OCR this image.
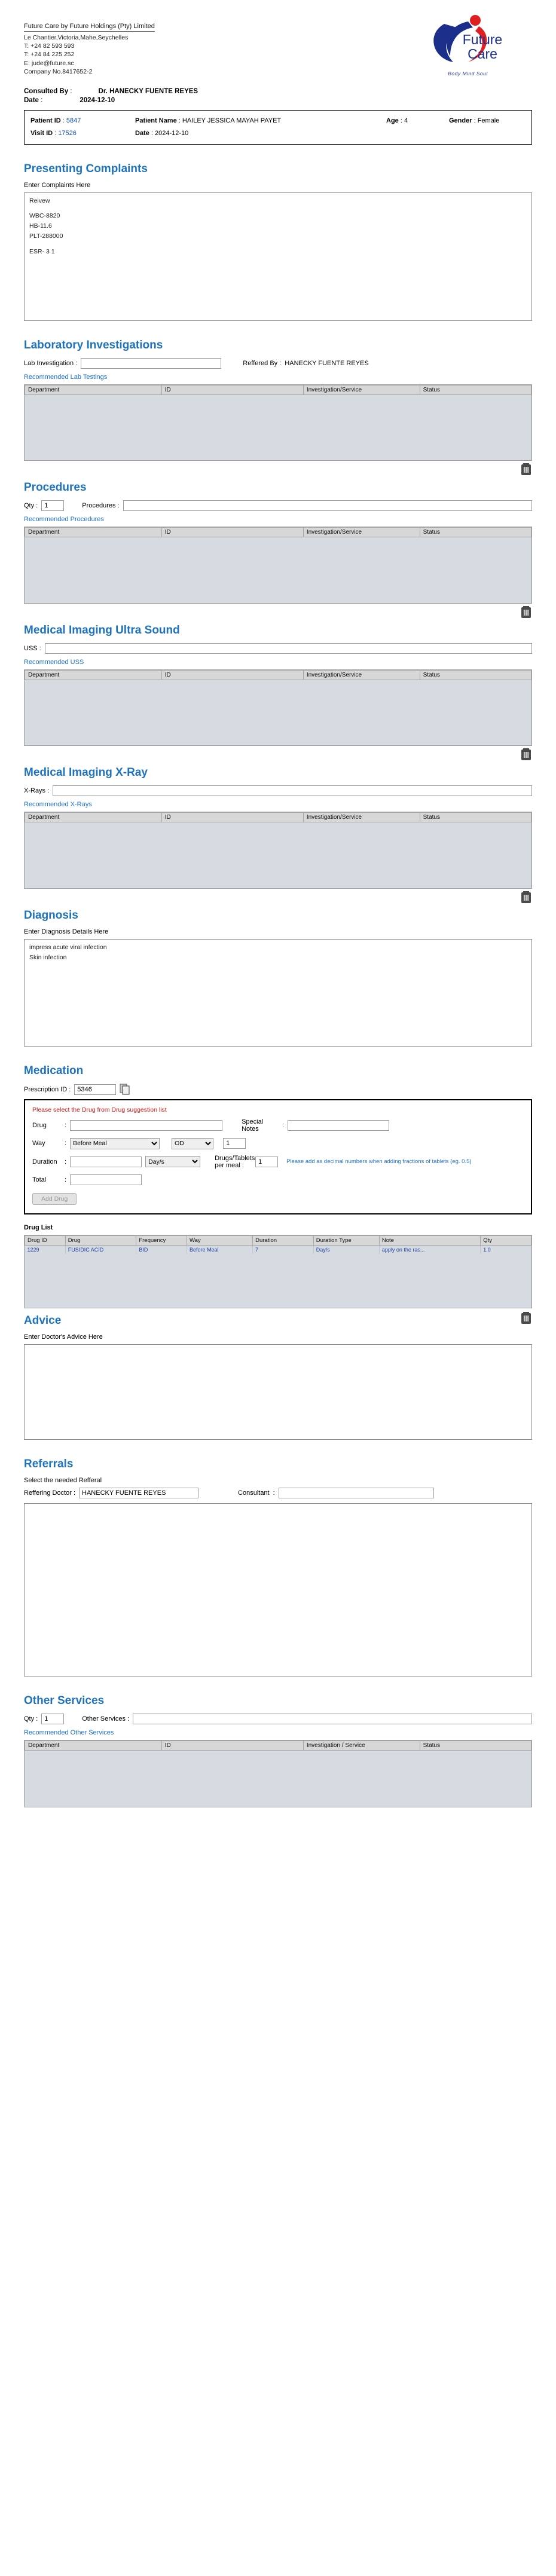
Future Care by Future Holdings (Pty) Limited
Le Chantier,Victoria,Mahe,Seychelles
T: +24 82 593 593
T: +24 84 225 252
E: jude@future.sc
Company No.8417652-2
Future
Care
Body Mind Soul
Consulted By :	Dr. HANECKY FUENTE REYES
Date :	2024-12-10
Patient ID : 5847	Patient Name : HAILEY JESSICA MAYAH PAYET	Age : 4	Gender : Female
Visit ID : 17526	Date : 2024-12-10
Presenting Complaints
Enter Complaints Here
Reivew
WBC-8820
HB-11.6
PLT-288000
ESR- 3 1
Laboratory Investigations
Lab Investigation :	Reffered By : HANECKY FUENTE REYES
Recommended Lab Testings
Department	ID	Investigation/Service	Status

Procedures
Qty :
1	Procedures :
Recommended Procedures
Department	ID	Investigation/Service	Status

Medical Imaging Ultra Sound
USS :
Recommended USS
Department	ID	Investigation/Service	Status

Medical Imaging X-Ray
X-Rays :
Recommended X-Rays
Department	ID	Investigation/Service	Status

Diagnosis
Enter Diagnosis Details Here
impress acute viral infection
Skin infection
Medication
Prescription ID :
5346
Please select the Drug from Drug suggestion list
Drug	:	Special Notes	:
Way	:
Before Meal
OD
1
Duration	:
Day/s	Drugs/Tablets per meal :
1	Please add as decimal numbers when adding fractions of tablets (eg. 0.5)
Total	:
Add Drug
Drug List
Drug ID	Drug	Frequency	Way	Duration	Duration Type	Note	Qty
1229	FUSIDIC ACID	BID	Before Meal	7	Day/s	apply on the ras...	1.0

Advice
Enter Doctor's Advice Here
Referrals
Select the needed Refferal
Reffering Doctor :
HANECKY FUENTE REYES	Consultant :
Other Services
Qty :
1	Other Services :
Recommended Other Services
Department	ID	Investigation / Service	Status
